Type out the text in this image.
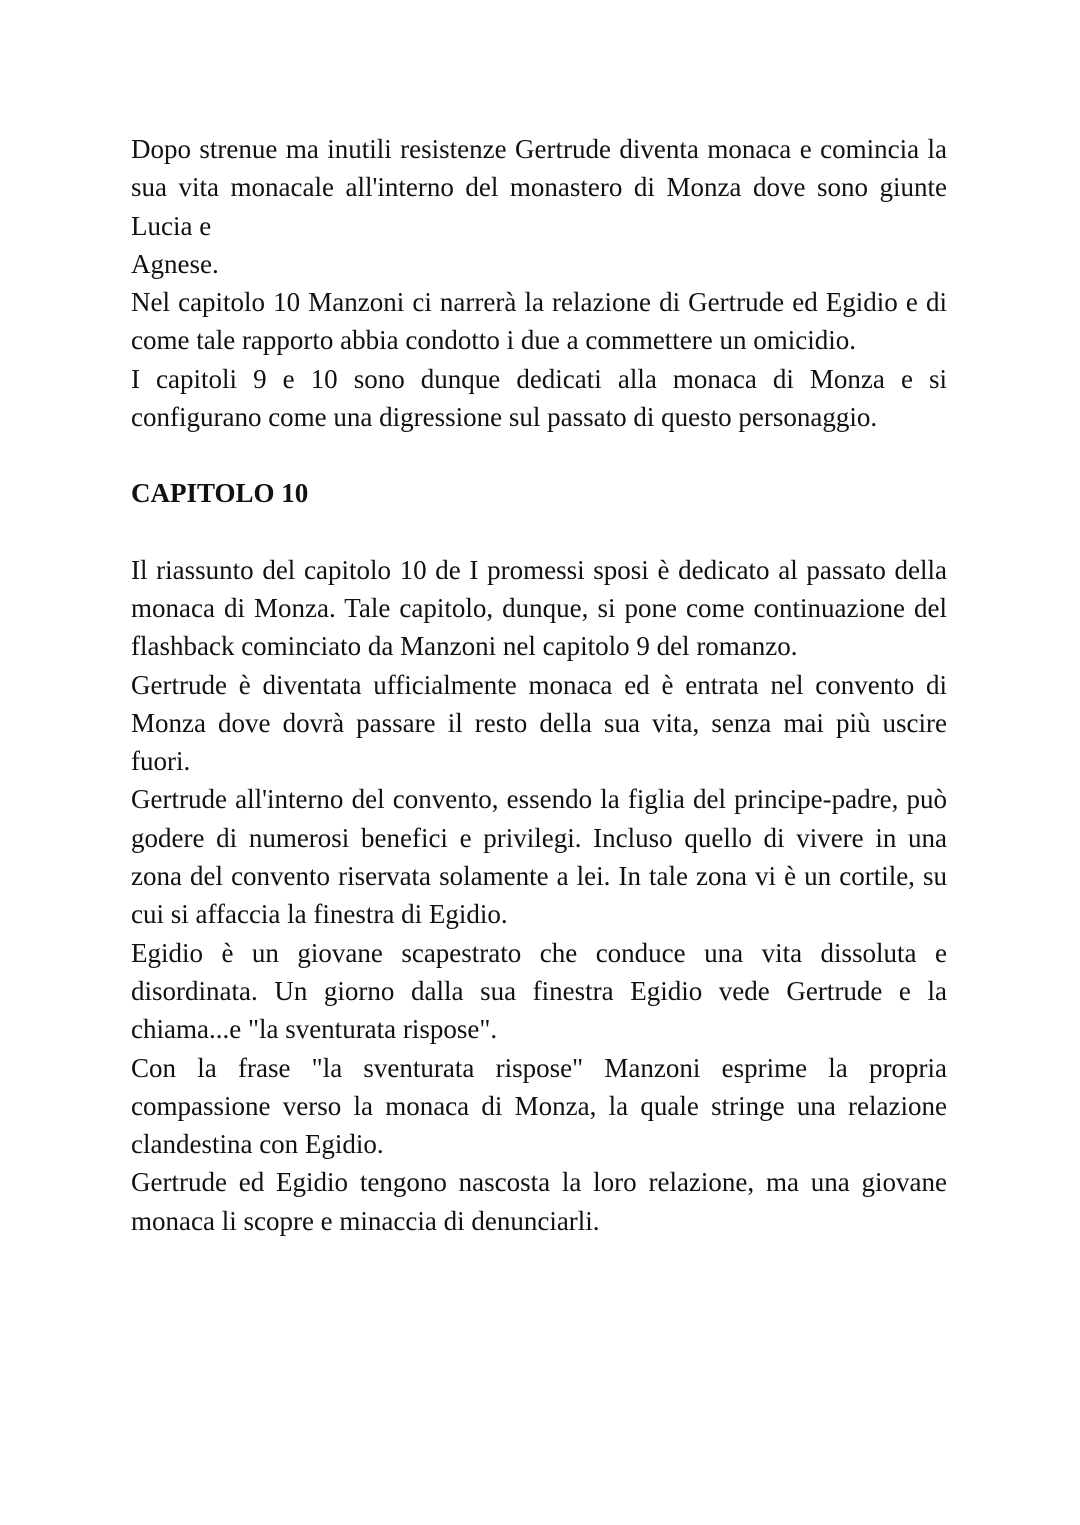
Dopo strenue ma inutili resistenze Gertrude diventa monaca e comincia la sua vita monacale all'interno del monastero di Monza dove sono giunte Lucia e

Agnese.

Nel capitolo 10 Manzoni ci narrerà la relazione di Gertrude ed Egidio e di come tale rapporto abbia condotto i due a commettere un omicidio.

I capitoli 9 e 10 sono dunque dedicati alla monaca di Monza e si configurano come una digressione sul passato di questo personaggio.

CAPITOLO 10

Il riassunto del capitolo 10 de I promessi sposi è dedicato al passato della monaca di Monza. Tale capitolo, dunque, si pone come continuazione del flashback cominciato da Manzoni nel capitolo 9 del romanzo.

Gertrude è diventata ufficialmente monaca ed è entrata nel convento di Monza dove dovrà passare il resto della sua vita, senza mai più uscire fuori.

Gertrude all'interno del convento, essendo la figlia del principe-padre, può godere di numerosi benefici e privilegi. Incluso quello di vivere in una zona del convento riservata solamente a lei. In tale zona vi è un cortile, su cui si affaccia la finestra di Egidio.

Egidio è un giovane scapestrato che conduce una vita dissoluta e disordinata. Un giorno dalla sua finestra Egidio vede Gertrude e la chiama...e "la sventurata rispose".

Con la frase "la sventurata rispose" Manzoni esprime la propria compassione verso la monaca di Monza, la quale stringe una relazione clandestina con Egidio.

Gertrude ed Egidio tengono nascosta la loro relazione, ma una giovane monaca li scopre e minaccia di denunciarli.
